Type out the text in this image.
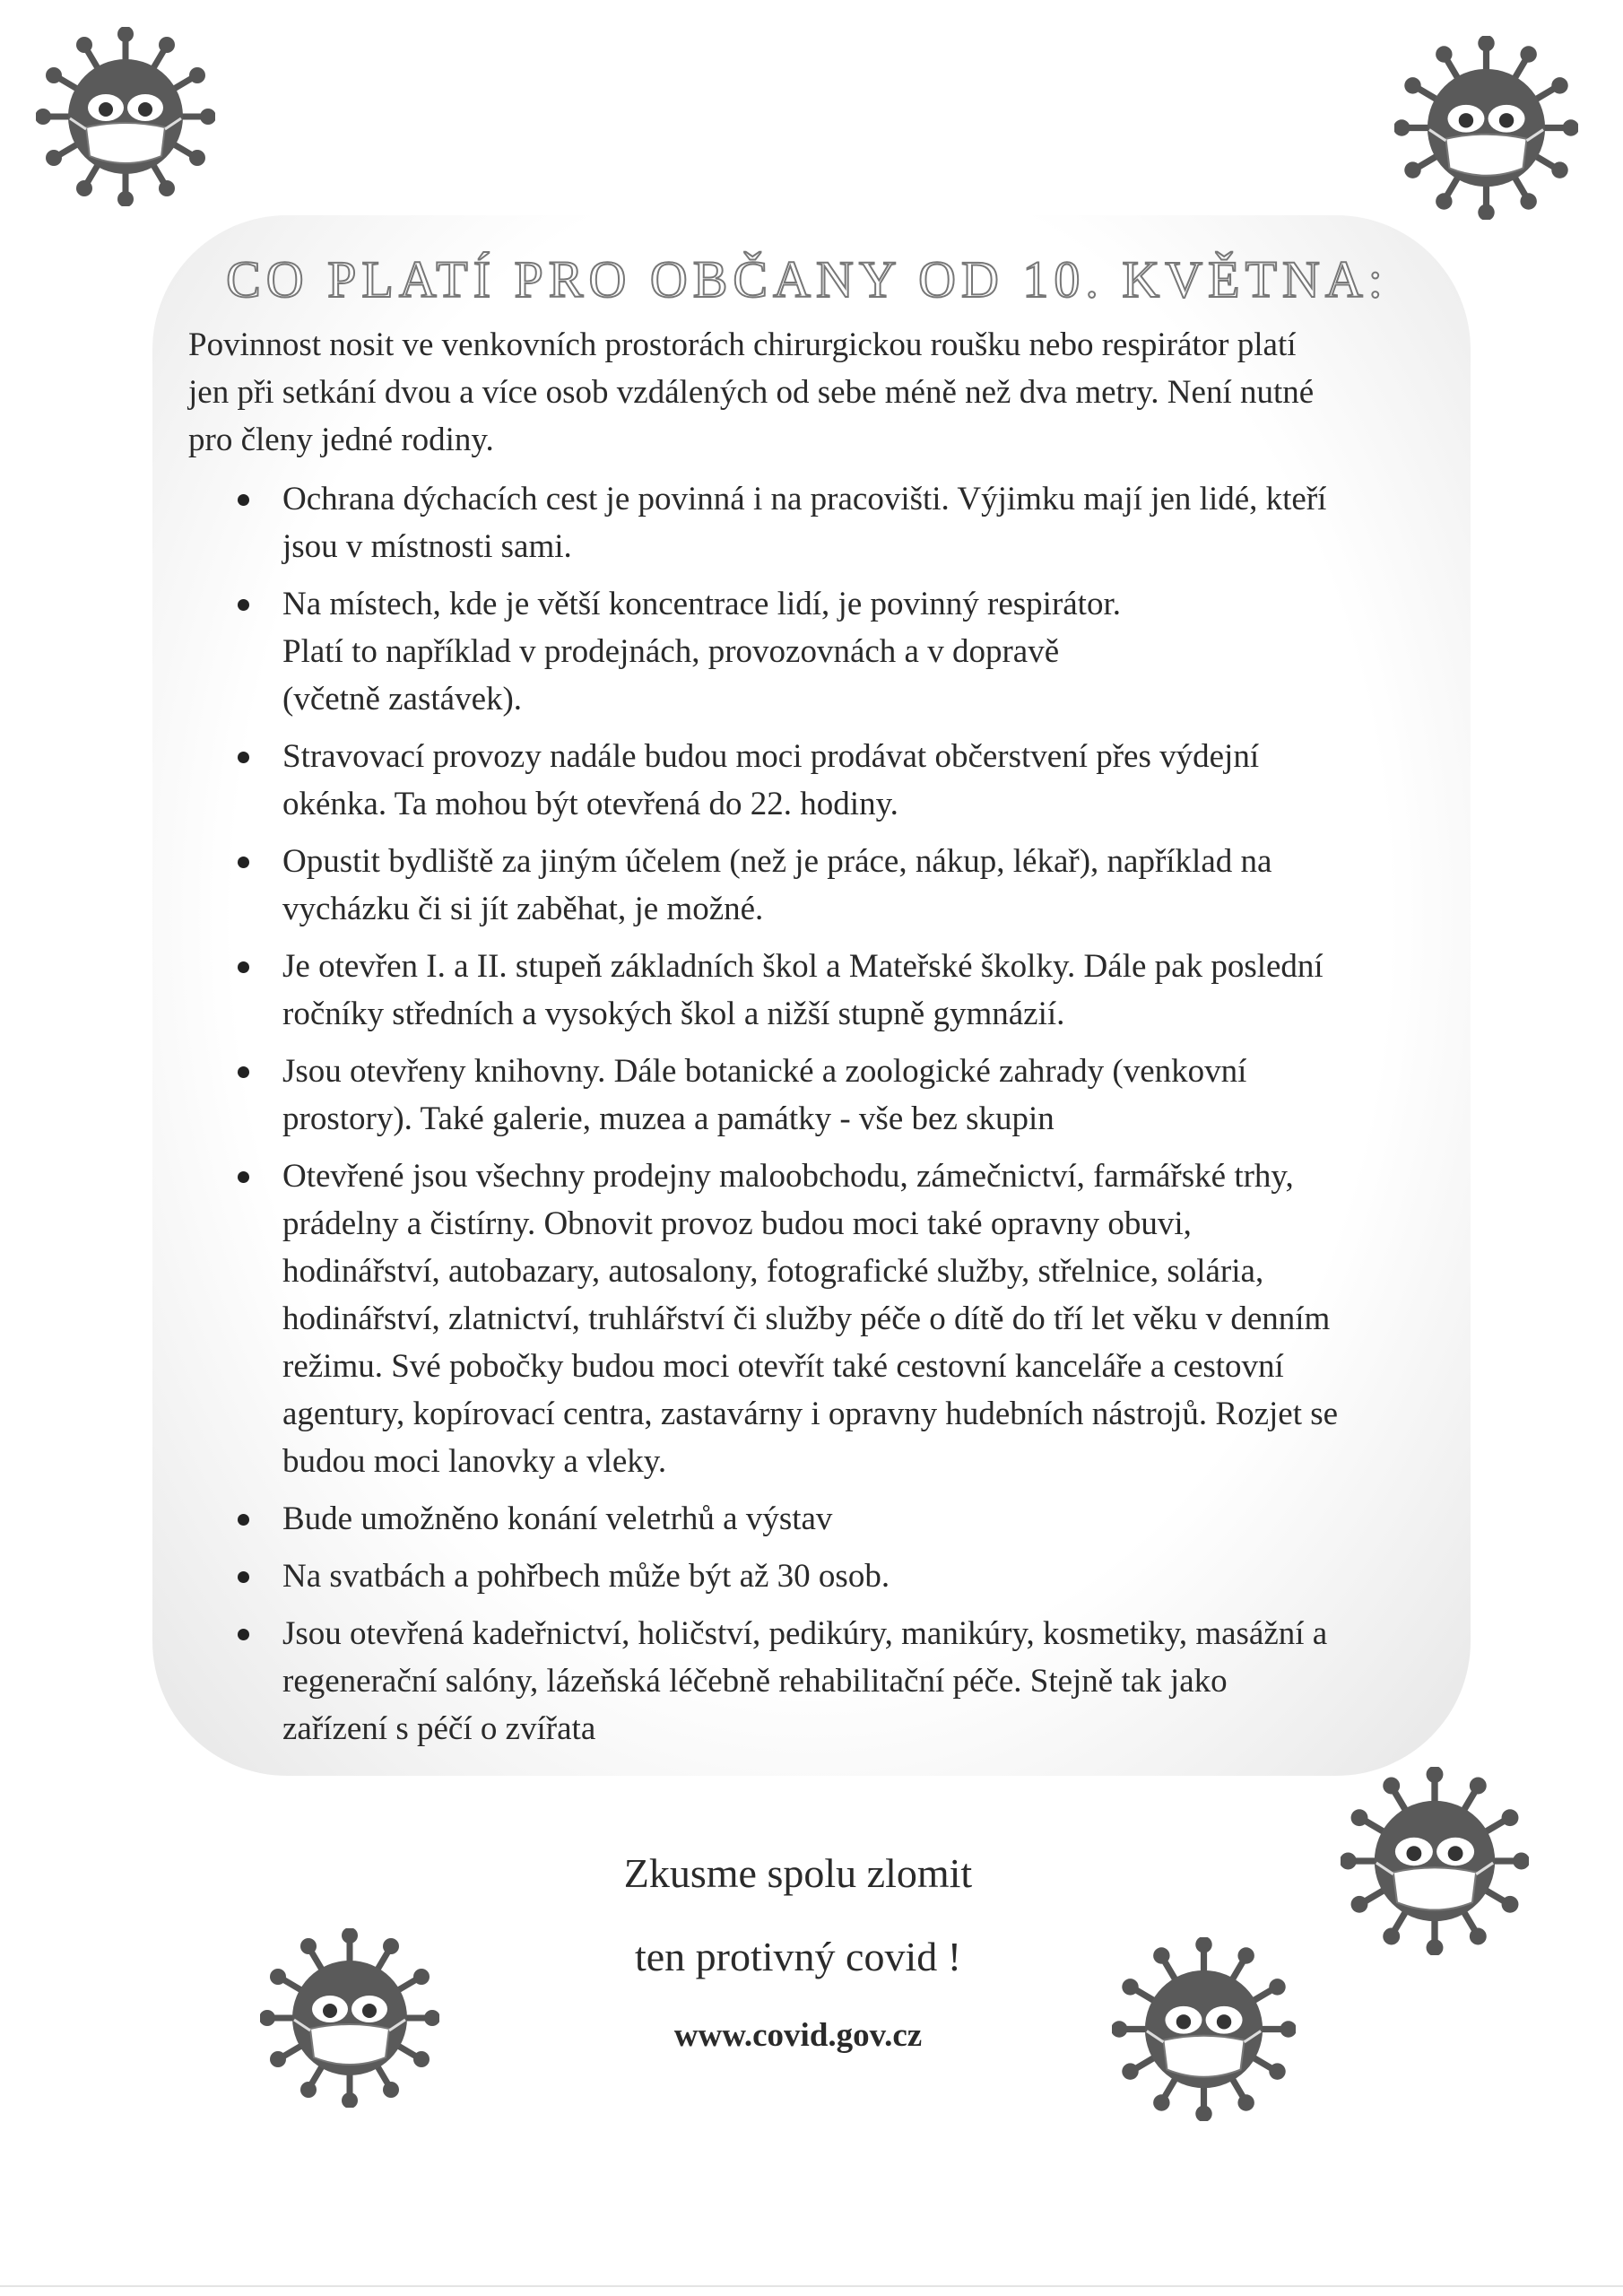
CO PLATÍ PRO OBČANY OD 10. KVĚTNA:

Povinnost nosit ve venkovních prostorách chirurgickou roušku nebo respirátor platí
jen při setkání dvou a více osob vzdálených od sebe méně než dva metry. Není nutné
pro členy jedné rodiny.

Ochrana dýchacích cest je povinná i na pracovišti. Výjimku mají jen lidé, kteří
jsou v místnosti sami.
Na místech, kde je větší koncentrace lidí, je povinný respirátor.
Platí to například v prodejnách, provozovnách a v dopravě
(včetně zastávek).
Stravovací provozy nadále budou moci prodávat občerstvení přes výdejní
okénka. Ta mohou být otevřená do 22. hodiny.
Opustit bydliště za jiným účelem (než je práce, nákup, lékař), například na
vycházku či si jít zaběhat, je možné.
Je otevřen I. a II. stupeň základních škol a Mateřské školky. Dále pak poslední
ročníky středních a vysokých škol a nižší stupně gymnázií.
Jsou otevřeny knihovny. Dále botanické a zoologické zahrady (venkovní
prostory). Také galerie, muzea a památky - vše bez skupin
Otevřené jsou všechny prodejny maloobchodu, zámečnictví, farmářské trhy,
prádelny a čistírny. Obnovit provoz budou moci také opravny obuvi,
hodinářství, autobazary, autosalony, fotografické služby, střelnice, solária,
hodinářství, zlatnictví, truhlářství či služby péče o dítě do tří let věku v denním
režimu. Své pobočky budou moci otevřít také cestovní kanceláře a cestovní
agentury, kopírovací centra, zastavárny i opravny hudebních nástrojů. Rozjet se
budou moci lanovky a vleky.
Bude umožněno konání veletrhů a výstav
Na svatbách a pohřbech může být až 30 osob.
Jsou otevřená kadeřnictví, holičství, pedikúry, manikúry, kosmetiky, masážní a
regenerační salóny, lázeňská léčebně rehabilitační péče. Stejně tak jako
zařízení s péčí o zvířata

Zkusme spolu zlomit

ten protivný covid !

www.covid.gov.cz
